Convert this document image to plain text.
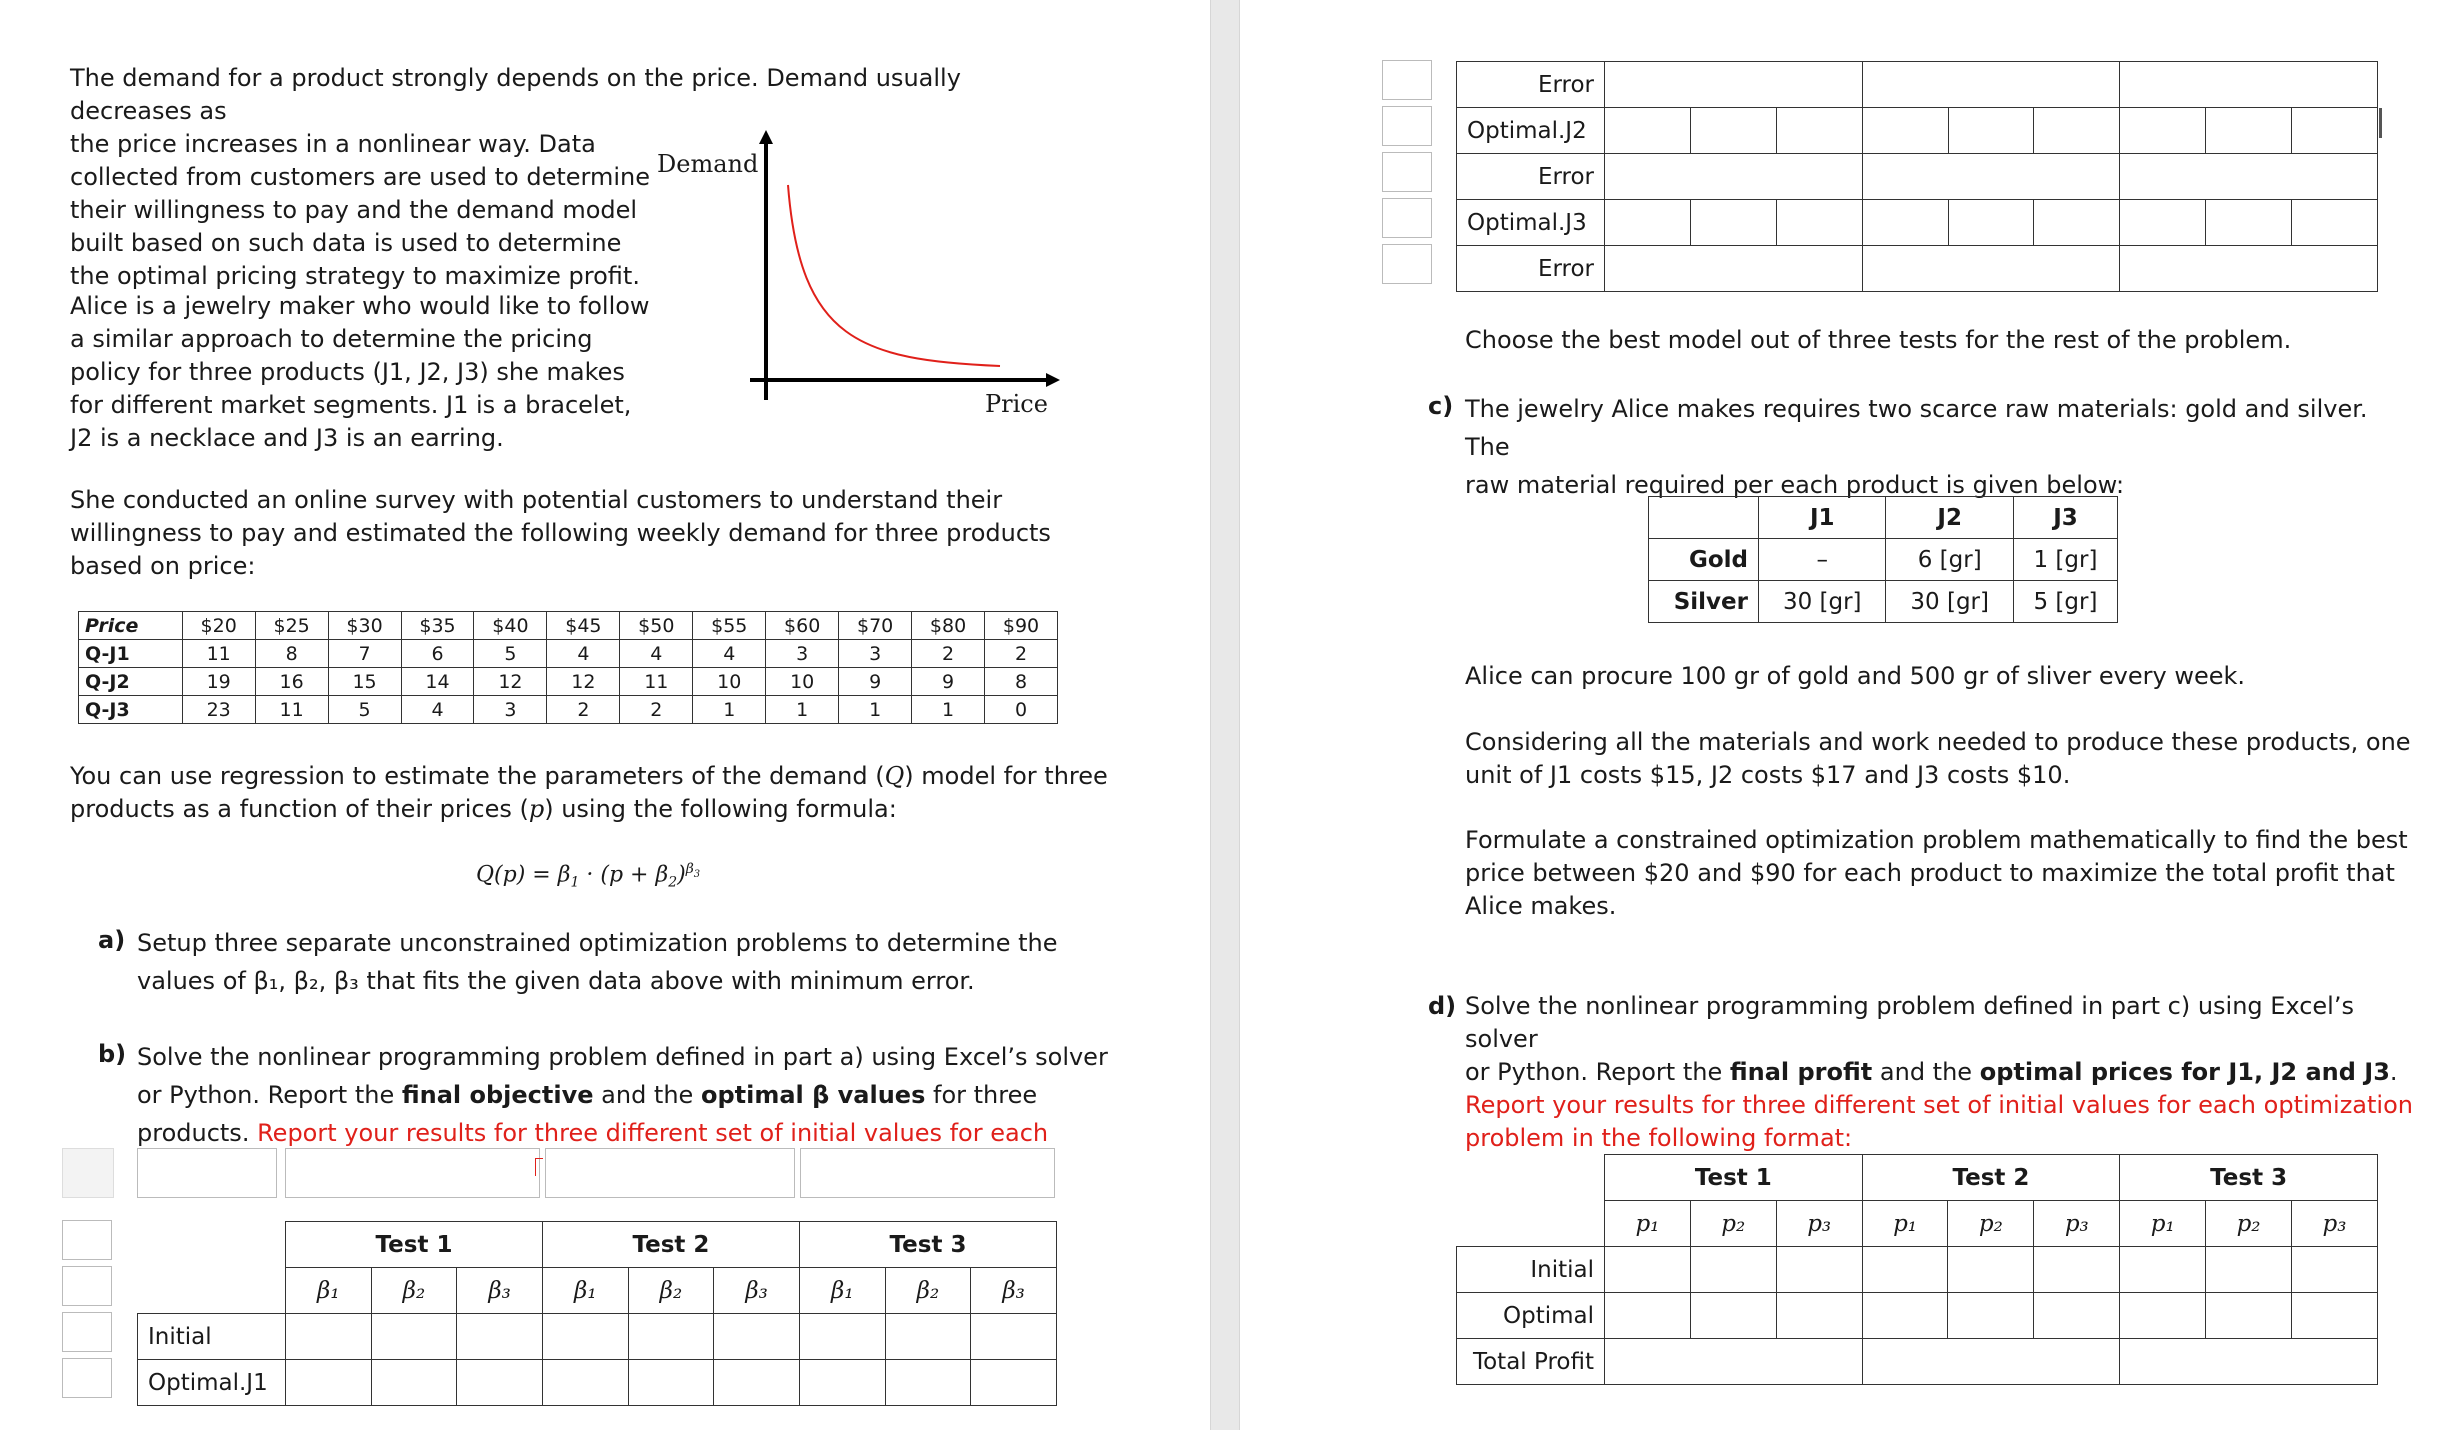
The demand for a product strongly depends on the price. Demand usually decreases as
the price increases in a nonlinear way. Data
collected from customers are used to determine
their willingness to pay and the demand model
built based on such data is used to determine
the optimal pricing strategy to maximize profit.
Alice is a jewelry maker who would like to follow
a similar approach to determine the pricing
policy for three products (J1, J2, J3) she makes
for different market segments. J1 is a bracelet,
J2 is a necklace and J3 is an earring.
Demand
Price
She conducted an online survey with potential customers to understand their
willingness to pay and estimated the following weekly demand for three products
based on price:
Price	$20	$25	$30	$35	$40	$45	$50	$55	$60	$70	$80	$90
Q-J1	11	8	7	6	5	4	4	4	3	3	2	2
Q-J2	19	16	15	14	12	12	11	10	10	9	9	8
Q-J3	23	11	5	4	3	2	2	1	1	1	1	0
You can use regression to estimate the parameters of the demand (Q) model for three
products as a function of their prices (p) using the following formula:
$Q(p) = \beta_1 \cdot (p + \beta_2)^{\beta_3}$
a) Setup three separate unconstrained optimization problems to determine the
values of β₁, β₂, β₃ that fits the given data above with minimum error.
b) Solve the nonlinear programming problem defined in part a) using Excel’s solver
or Python. Report the final objective and the optimal β values for three
products. Report your results for three different set of initial values for each
	Test 1			Test 2			Test 3		
	β₁	β₂	β₃	β₁	β₂	β₃	β₁	β₂	β₃
Initial									
Optimal.J1									
Error									
Optimal.J2									
Error									
Optimal.J3									
Error									
Choose the best model out of three tests for the rest of the problem.
c) The jewelry Alice makes requires two scarce raw materials: gold and silver. The
raw material required per each product is given below:
	J1	J2	J3
Gold	–	6 [gr]	1 [gr]
Silver	30 [gr]	30 [gr]	5 [gr]
Alice can procure 100 gr of gold and 500 gr of sliver every week.
Considering all the materials and work needed to produce these products, one
unit of J1 costs $15, J2 costs $17 and J3 costs $10.
Formulate a constrained optimization problem mathematically to find the best
price between $20 and $90 for each product to maximize the total profit that
Alice makes.
d) Solve the nonlinear programming problem defined in part c) using Excel’s solver
or Python. Report the final profit and the optimal prices for J1, J2 and J3.
Report your results for three different set of initial values for each optimization
problem in the following format:
	Test 1			Test 2			Test 3		
	p₁	p₂	p₃	p₁	p₂	p₃	p₁	p₂	p₃
Initial									
Optimal									
Total Profit									
